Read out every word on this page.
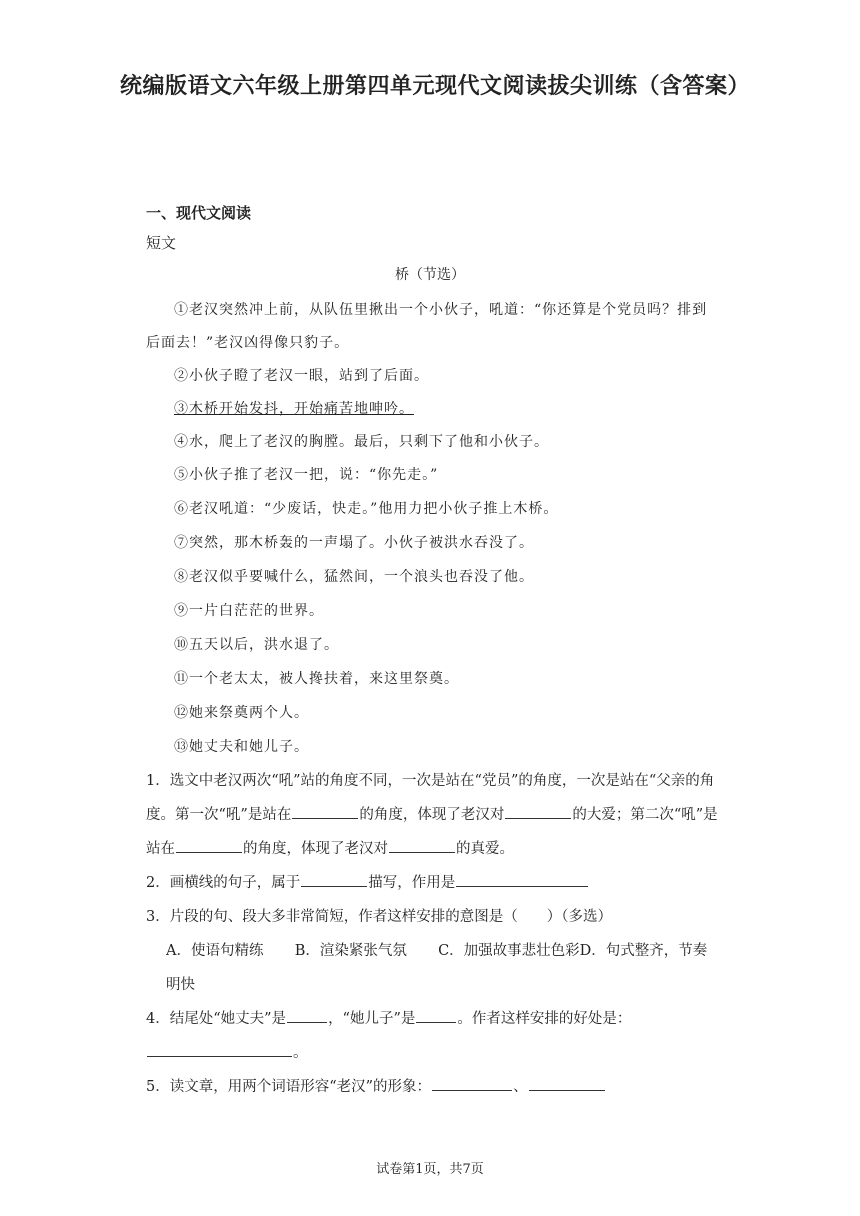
统编版语文六年级上册第四单元现代文阅读拔尖训练（含答案）
一、现代文阅读
短文
桥（节选）
①老汉突然冲上前，从队伍里揪出一个小伙子，吼道：“你还算是个党员吗？排到后面去！”老汉凶得像只豹子。
②小伙子瞪了老汉一眼，站到了后面。
③木桥开始发抖，开始痛苦地呻吟。
④水，爬上了老汉的胸膛。最后，只剩下了他和小伙子。
⑤小伙子推了老汉一把，说：“你先走。”
⑥老汉吼道：“少废话，快走。”他用力把小伙子推上木桥。
⑦突然，那木桥轰的一声塌了。小伙子被洪水吞没了。
⑧老汉似乎要喊什么，猛然间，一个浪头也吞没了他。
⑨一片白茫茫的世界。
⑩五天以后，洪水退了。
⑪一个老太太，被人搀扶着，来这里祭奠。
⑫她来祭奠两个人。
⑬她丈夫和她儿子。
1．选文中老汉两次“吼”站的角度不同，一次是站在“党员”的角度，一次是站在“父亲的角度。第一次“吼”是站在	的角度，体现了老汉对	的大爱；第二次“吼”是站在	的角度，体现了老汉对	的真爱。
2．画横线的句子，属于	描写，作用是
3．片段的句、段大多非常简短，作者这样安排的意图是（　　）（多选）
A．使语句精练 B．渲染紧张气氛 C．加强故事悲壮色彩D．句式整齐，节奏明快
4．结尾处“她丈夫”是	，“她儿子”是	。作者这样安排的好处是：。
5．读文章，用两个词语形容“老汉”的形象：	、
试卷第1页，共7页
